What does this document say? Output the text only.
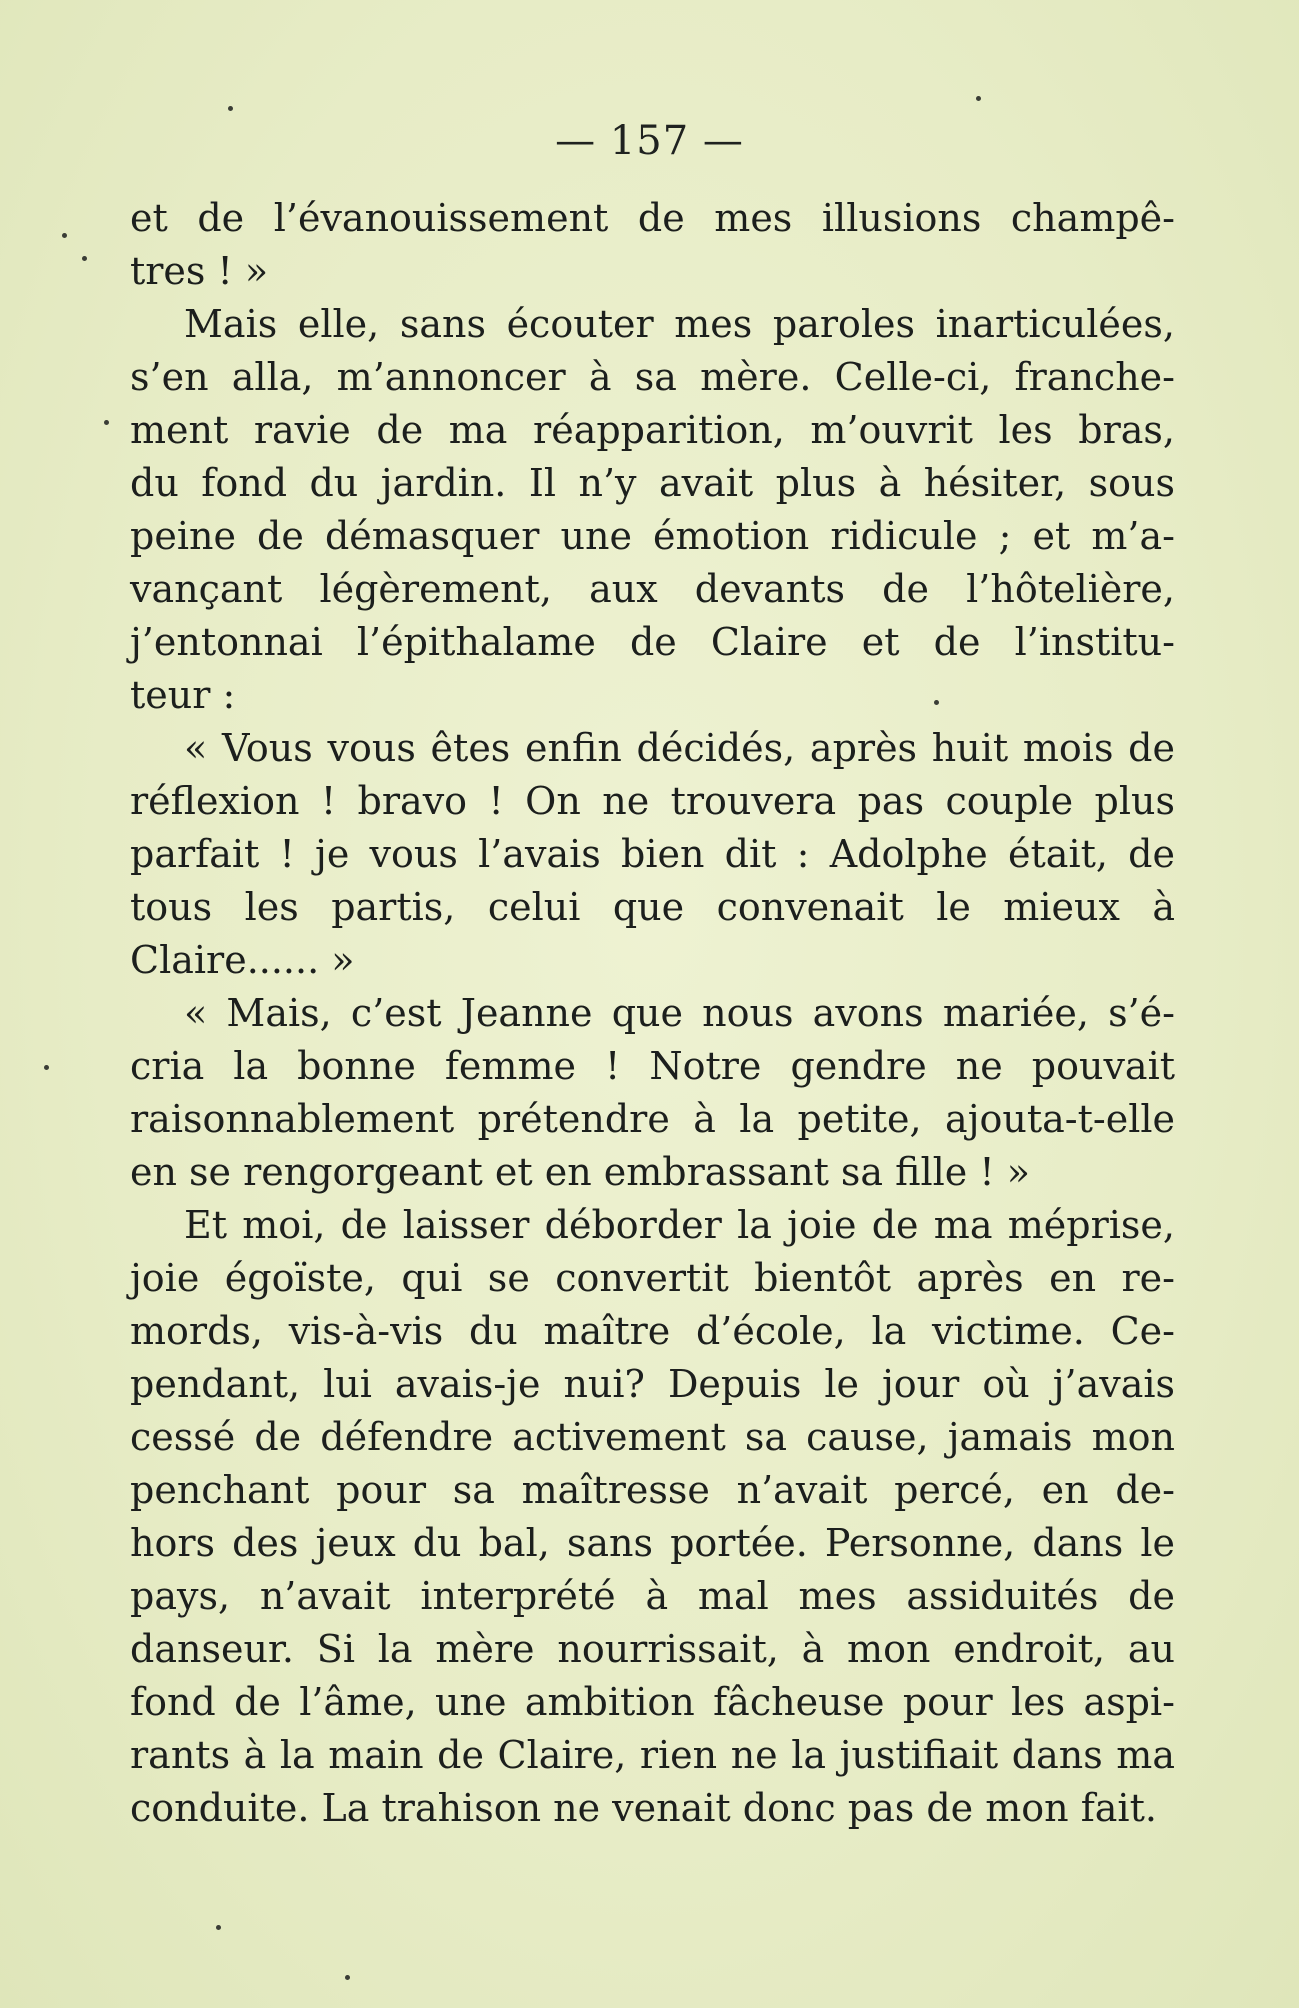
— 157 —
et de l’évanouissement de mes illusions champê-
tres ! »
Mais elle, sans écouter mes paroles inarticulées,
s’en alla, m’annoncer à sa mère. Celle-ci, franche-
ment ravie de ma réapparition, m’ouvrit les bras,
du fond du jardin. Il n’y avait plus à hésiter, sous
peine de démasquer une émotion ridicule ; et m’a-
vançant légèrement, aux devants de l’hôtelière,
j’entonnai l’épithalame de Claire et de l’institu-
teur :
« Vous vous êtes enfin décidés, après huit mois de
réflexion ! bravo ! On ne trouvera pas couple plus
parfait ! je vous l’avais bien dit : Adolphe était, de
tous les partis, celui que convenait le mieux à
Claire...... »
« Mais, c’est Jeanne que nous avons mariée, s’é-
cria la bonne femme ! Notre gendre ne pouvait
raisonnablement prétendre à la petite, ajouta-t-elle
en se rengorgeant et en embrassant sa fille ! »
Et moi, de laisser déborder la joie de ma méprise,
joie égoïste, qui se convertit bientôt après en re-
mords, vis-à-vis du maître d’école, la victime. Ce-
pendant, lui avais-je nui? Depuis le jour où j’avais
cessé de défendre activement sa cause, jamais mon
penchant pour sa maîtresse n’avait percé, en de-
hors des jeux du bal, sans portée. Personne, dans le
pays, n’avait interprété à mal mes assiduités de
danseur. Si la mère nourrissait, à mon endroit, au
fond de l’âme, une ambition fâcheuse pour les aspi-
rants à la main de Claire, rien ne la justifiait dans ma
conduite. La trahison ne venait donc pas de mon fait.
